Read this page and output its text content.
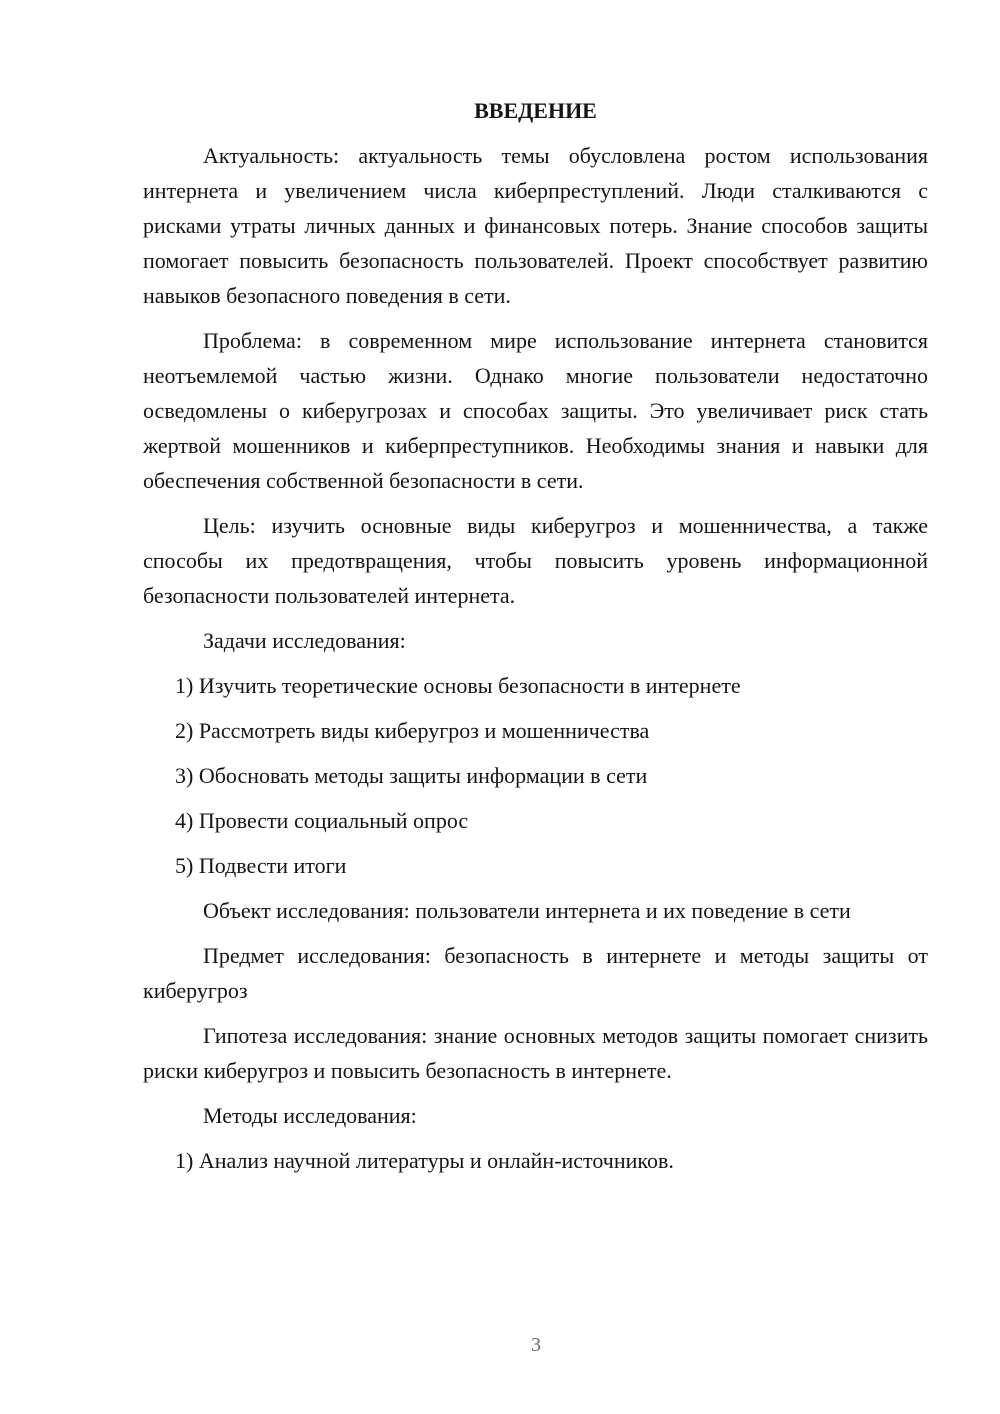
ВВЕДЕНИЕ

Актуальность: актуальность темы обусловлена ростом использования интернета и увеличением числа киберпреступлений. Люди сталкиваются с рисками утраты личных данных и финансовых потерь. Знание способов защиты помогает повысить безопасность пользователей. Проект способствует развитию навыков безопасного поведения в сети.

Проблема: в современном мире использование интернета становится неотъемлемой частью жизни. Однако многие пользователи недостаточно осведомлены о киберугрозах и способах защиты. Это увеличивает риск стать жертвой мошенников и киберпреступников. Необходимы знания и навыки для обеспечения собственной безопасности в сети.

Цель: изучить основные виды киберугроз и мошенничества, а также способы их предотвращения, чтобы повысить уровень информационной безопасности пользователей интернета.

Задачи исследования:

1) Изучить теоретические основы безопасности в интернете
2) Рассмотреть виды киберугроз и мошенничества
3) Обосновать методы защиты информации в сети
4) Провести социальный опрос
5) Подвести итоги

Объект исследования: пользователи интернета и их поведение в сети

Предмет исследования: безопасность в интернете и методы защиты от киберугроз

Гипотеза исследования: знание основных методов защиты помогает снизить риски киберугроз и повысить безопасность в интернете.

Методы исследования:

1) Анализ научной литературы и онлайн-источников.
3
